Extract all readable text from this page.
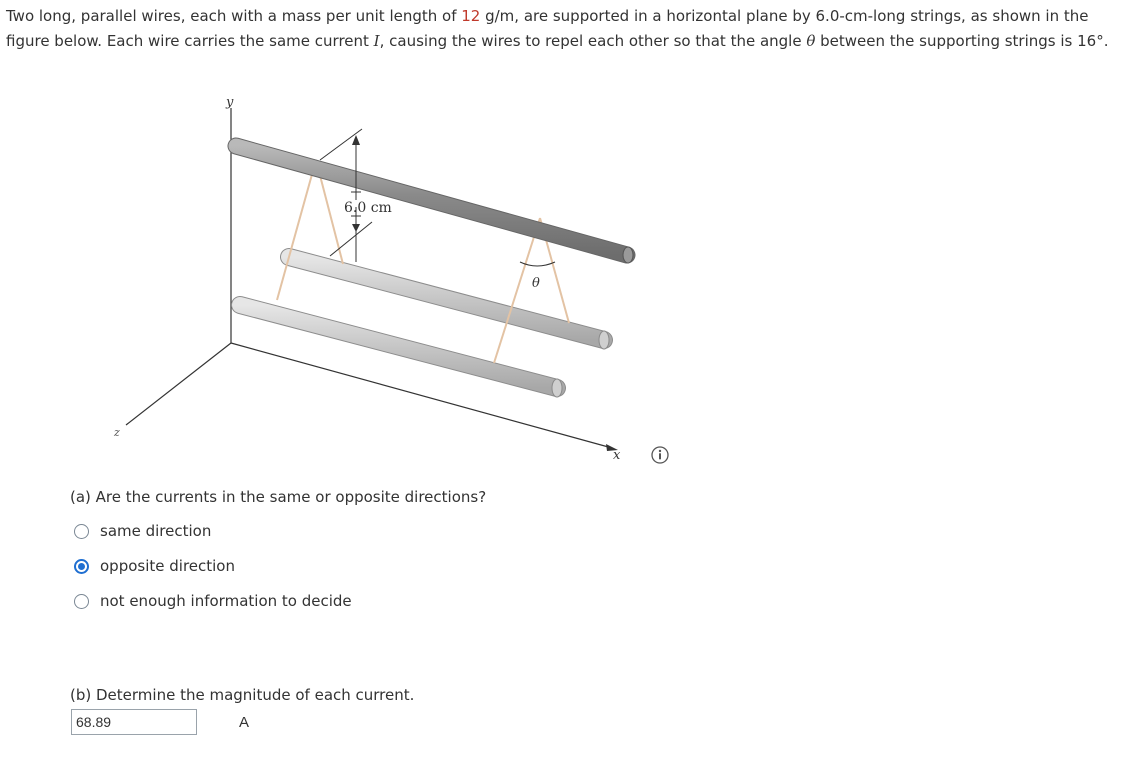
Two long, parallel wires, each with a mass per unit length of 12 g/m, are supported in a horizontal plane by 6.0-cm-long strings, as shown in the figure below. Each wire carries the same current I, causing the wires to repel each other so that the angle θ between the supporting strings is 16°.

y
x
z
6.0 cm
θ
(a) Are the currents in the same or opposite directions?
same direction
opposite direction
not enough information to decide
(b) Determine the magnitude of each current.
68.89
A
